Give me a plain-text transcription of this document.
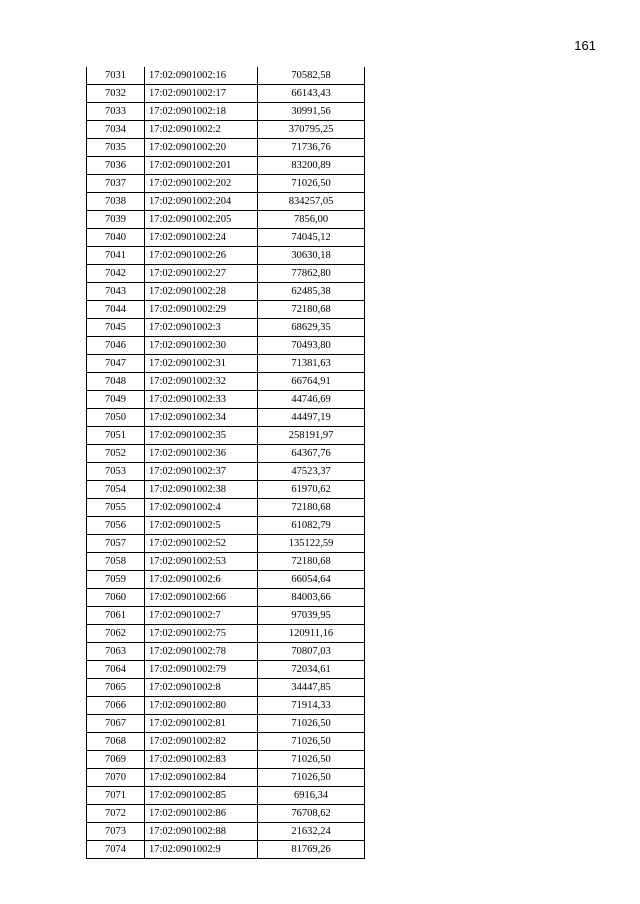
161
7031	17:02:0901002:16	70582,58
7032	17:02:0901002:17	66143,43
7033	17:02:0901002:18	30991,56
7034	17:02:0901002:2	370795,25
7035	17:02:0901002:20	71736,76
7036	17:02:0901002:201	83200,89
7037	17:02:0901002:202	71026,50
7038	17:02:0901002:204	834257,05
7039	17:02:0901002:205	7856,00
7040	17:02:0901002:24	74045,12
7041	17:02:0901002:26	30630,18
7042	17:02:0901002:27	77862,80
7043	17:02:0901002:28	62485,38
7044	17:02:0901002:29	72180,68
7045	17:02:0901002:3	68629,35
7046	17:02:0901002:30	70493,80
7047	17:02:0901002:31	71381,63
7048	17:02:0901002:32	66764,91
7049	17:02:0901002:33	44746,69
7050	17:02:0901002:34	44497,19
7051	17:02:0901002:35	258191,97
7052	17:02:0901002:36	64367,76
7053	17:02:0901002:37	47523,37
7054	17:02:0901002:38	61970,62
7055	17:02:0901002:4	72180,68
7056	17:02:0901002:5	61082,79
7057	17:02:0901002:52	135122,59
7058	17:02:0901002:53	72180,68
7059	17:02:0901002:6	66054,64
7060	17:02:0901002:66	84003,66
7061	17:02:0901002:7	97039,95
7062	17:02:0901002:75	120911,16
7063	17:02:0901002:78	70807,03
7064	17:02:0901002:79	72034,61
7065	17:02:0901002:8	34447,85
7066	17:02:0901002:80	71914,33
7067	17:02:0901002:81	71026,50
7068	17:02:0901002:82	71026,50
7069	17:02:0901002:83	71026,50
7070	17:02:0901002:84	71026,50
7071	17:02:0901002:85	6916,34
7072	17:02:0901002:86	76708,62
7073	17:02:0901002:88	21632,24
7074	17:02:0901002:9	81769,26
